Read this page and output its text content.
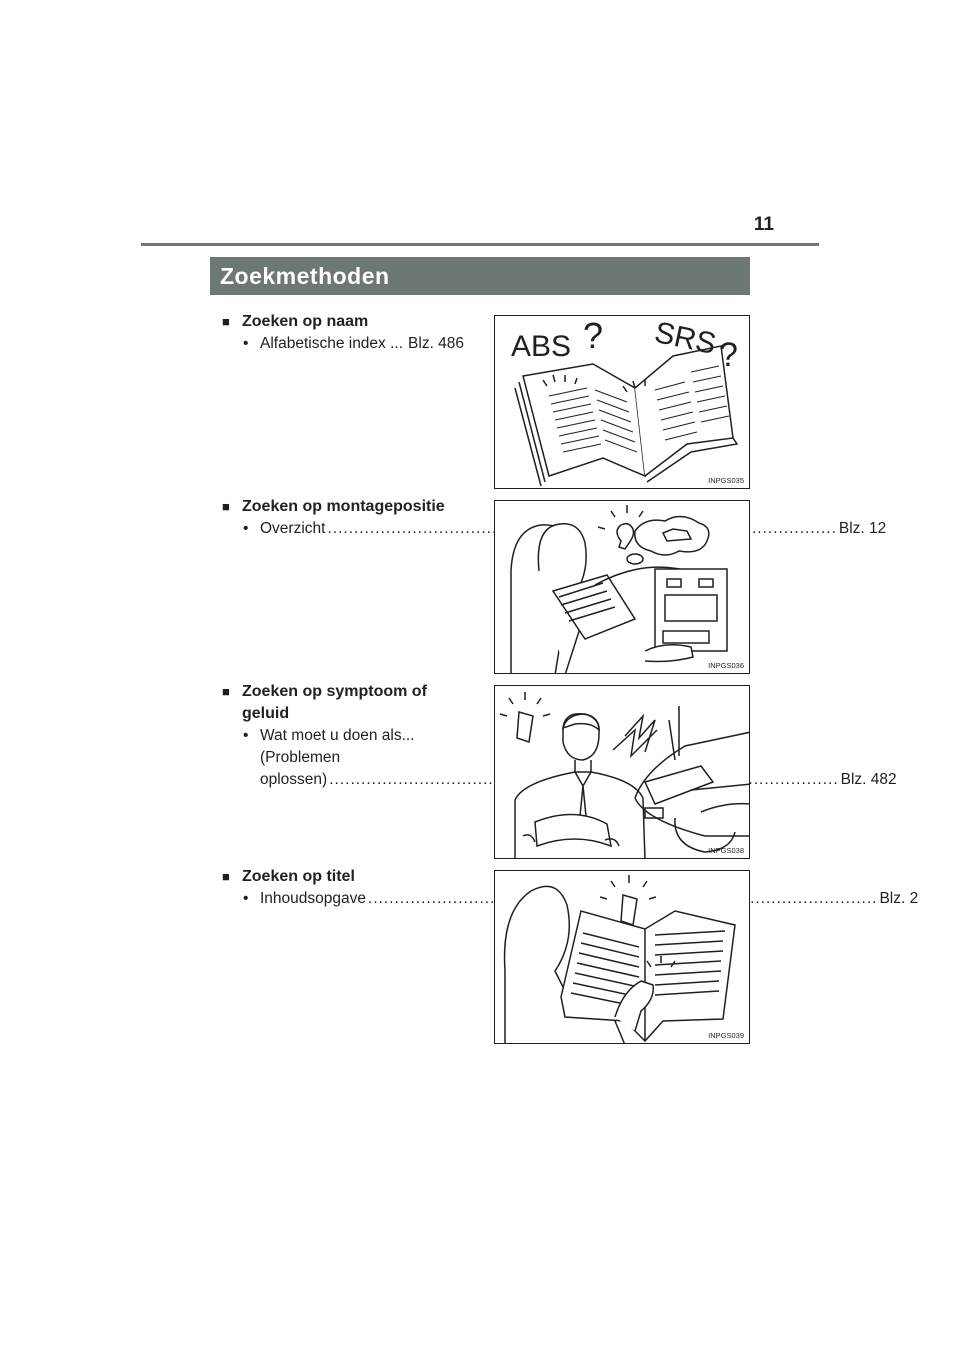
11
Zoekmethoden
■ Zoeken op naam
• Alfabetische index ... Blz. 486 ABS ? SRS ?
INPGS035
■ Zoeken op montagepositie
• Overzicht .....	Blz. 12
INPGS036
■ Zoeken op symptoom of
geluid
• Wat moet u doen als...
(Problemen
oplossen) .....	Blz. 482
INPGS038
■ Zoeken op titel
• Inhoudsopgave .....	Blz. 2
INPGS039
